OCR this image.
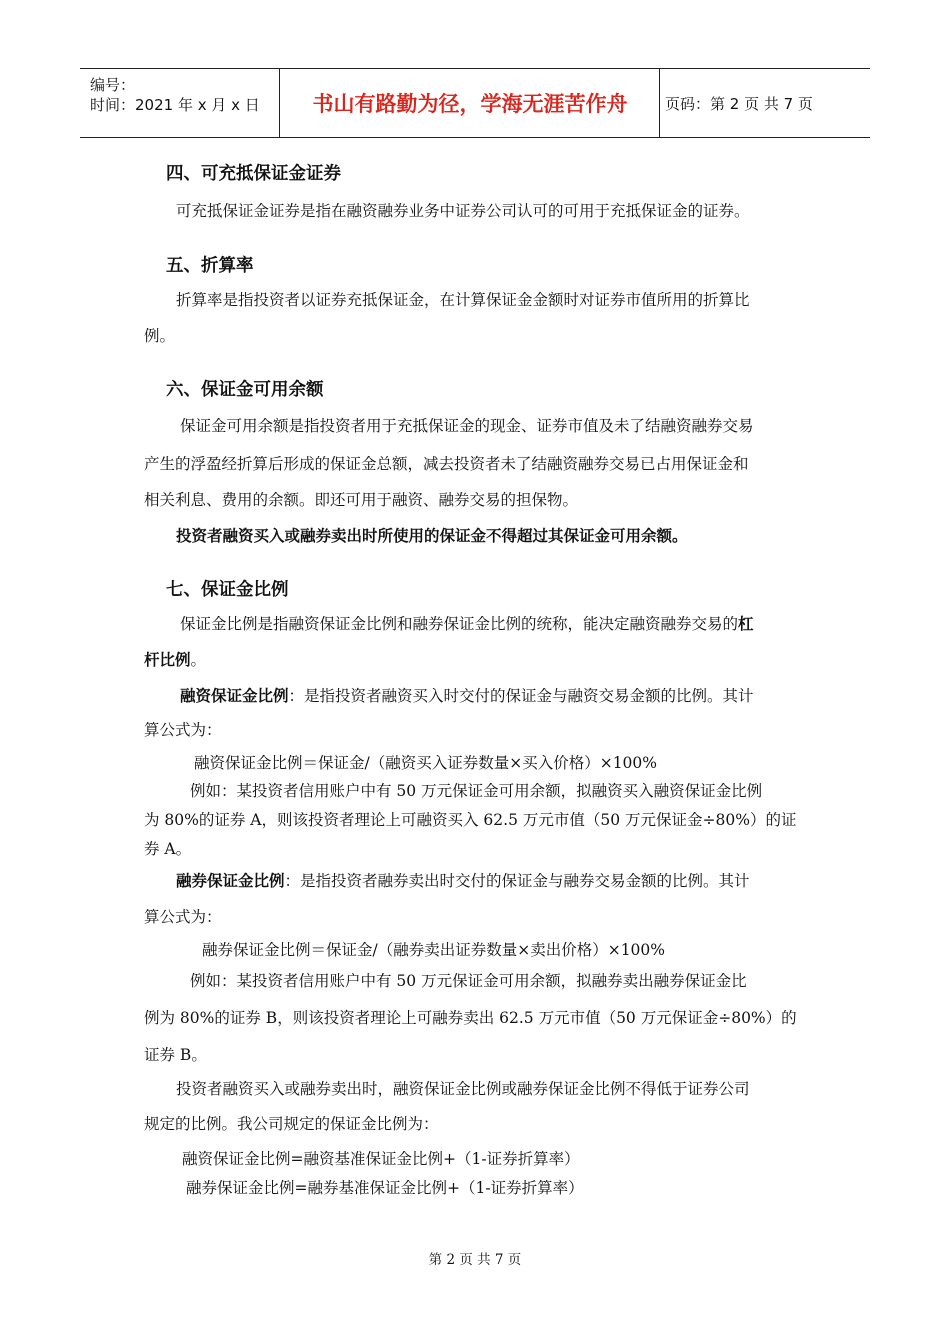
编号：
时间：2021 年 x 月 x 日	书山有路勤为径，学海无涯苦作舟	页码：第 2 页 共 7 页
四、可充抵保证金证券
可充抵保证金证券是指在融资融券业务中证券公司认可的可用于充抵保证金的证券。
五、折算率
折算率是指投资者以证券充抵保证金，在计算保证金金额时对证券市值所用的折算比
例。
六、保证金可用余额
保证金可用余额是指投资者用于充抵保证金的现金、证券市值及未了结融资融券交易
产生的浮盈经折算后形成的保证金总额，减去投资者未了结融资融券交易已占用保证金和
相关利息、费用的余额。即还可用于融资、融券交易的担保物。
投资者融资买入或融券卖出时所使用的保证金不得超过其保证金可用余额。
七、保证金比例
保证金比例是指融资保证金比例和融券保证金比例的统称，能决定融资融券交易的杠
杆比例。
融资保证金比例：是指投资者融资买入时交付的保证金与融资交易金额的比例。其计
算公式为：
融资保证金比例＝保证金/（融资买入证券数量×买入价格）×100%
例如：某投资者信用账户中有 50 万元保证金可用余额，拟融资买入融资保证金比例
为 80%的证券 A，则该投资者理论上可融资买入 62.5 万元市值（50 万元保证金÷80%）的证
券 A。
融券保证金比例：是指投资者融券卖出时交付的保证金与融券交易金额的比例。其计
算公式为：
融券保证金比例＝保证金/（融券卖出证券数量×卖出价格）×100%
例如：某投资者信用账户中有 50 万元保证金可用余额，拟融券卖出融券保证金比
例为 80%的证券 B，则该投资者理论上可融券卖出 62.5 万元市值（50 万元保证金÷80%）的
证券 B。
投资者融资买入或融券卖出时，融资保证金比例或融券保证金比例不得低于证券公司
规定的比例。我公司规定的保证金比例为：
融资保证金比例=融资基准保证金比例+（1-证券折算率）
融券保证金比例=融券基准保证金比例+（1-证券折算率）
第 2 页 共 7 页
